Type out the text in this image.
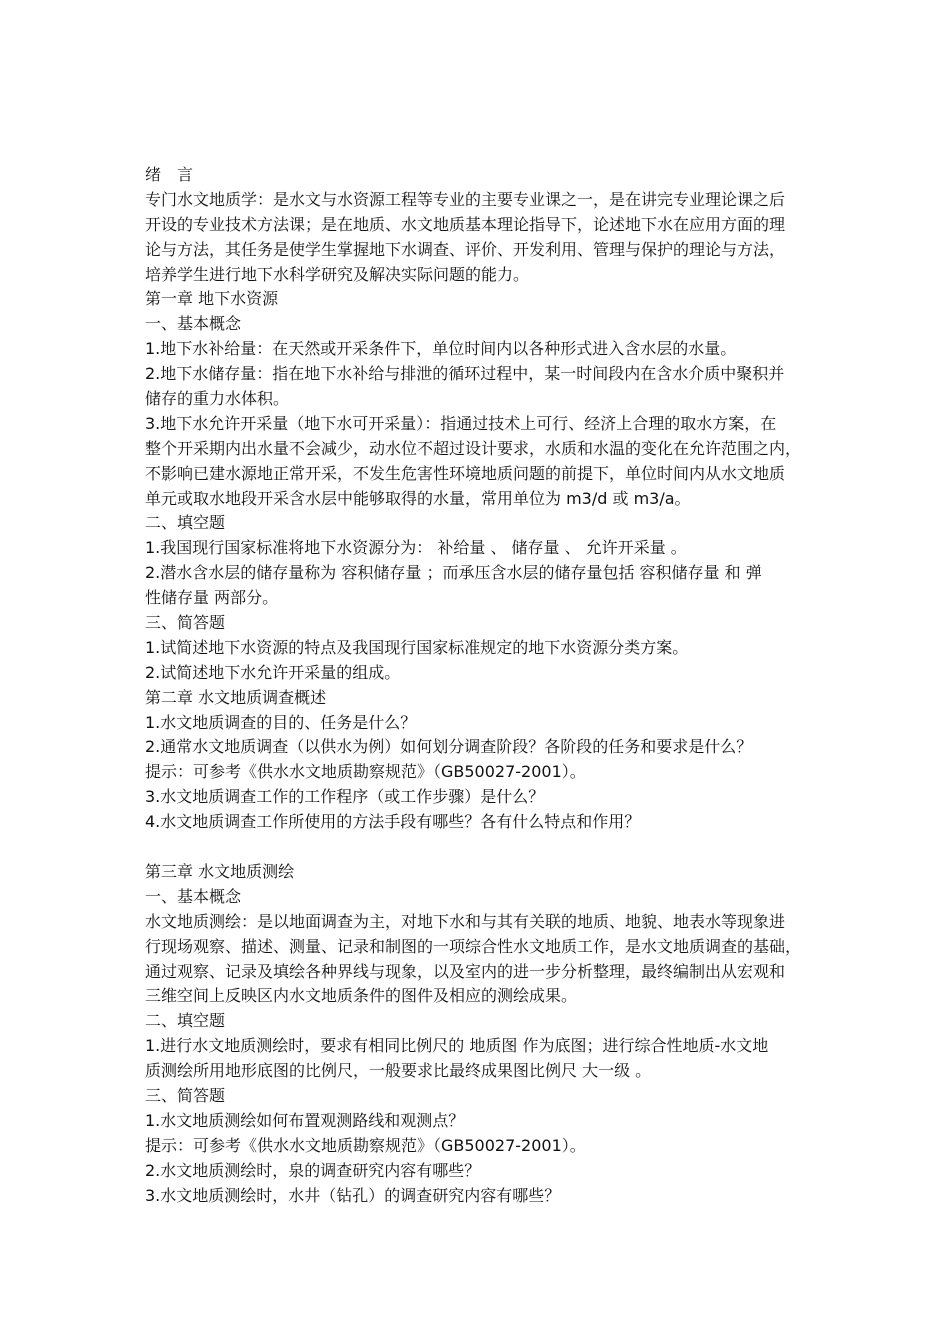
绪　言
专门水文地质学：是水文与水资源工程等专业的主要专业课之一，是在讲完专业理论课之后
开设的专业技术方法课；是在地质、水文地质基本理论指导下，论述地下水在应用方面的理
论与方法，其任务是使学生掌握地下水调查、评价、开发利用、管理与保护的理论与方法，
培养学生进行地下水科学研究及解决实际问题的能力。
第一章 地下水资源
一、基本概念
1.地下水补给量：在天然或开采条件下，单位时间内以各种形式进入含水层的水量。
2.地下水储存量：指在地下水补给与排泄的循环过程中，某一时间段内在含水介质中聚积并
储存的重力水体积。
3.地下水允许开采量（地下水可开采量）：指通过技术上可行、经济上合理的取水方案，在
整个开采期内出水量不会减少，动水位不超过设计要求，水质和水温的变化在允许范围之内，
不影响已建水源地正常开采，不发生危害性环境地质问题的前提下，单位时间内从水文地质
单元或取水地段开采含水层中能够取得的水量，常用单位为 m3/d 或 m3/a。
二、填空题
1.我国现行国家标准将地下水资源分为： 补给量 、 储存量 、 允许开采量 。
2.潜水含水层的储存量称为 容积储存量 ；而承压含水层的储存量包括 容积储存量 和 弹
性储存量 两部分。
三、简答题
1.试简述地下水资源的特点及我国现行国家标准规定的地下水资源分类方案。
2.试简述地下水允许开采量的组成。
第二章 水文地质调查概述
1.水文地质调查的目的、任务是什么？
2.通常水文地质调查（以供水为例）如何划分调查阶段？各阶段的任务和要求是什么？
提示：可参考《供水水文地质勘察规范》（GB50027-2001）。
3.水文地质调查工作的工作程序（或工作步骤）是什么？
4.水文地质调查工作所使用的方法手段有哪些？各有什么特点和作用？
第三章 水文地质测绘
一、基本概念
水文地质测绘：是以地面调查为主，对地下水和与其有关联的地质、地貌、地表水等现象进
行现场观察、描述、测量、记录和制图的一项综合性水文地质工作，是水文地质调查的基础，
通过观察、记录及填绘各种界线与现象，以及室内的进一步分析整理，最终编制出从宏观和
三维空间上反映区内水文地质条件的图件及相应的测绘成果。
二、填空题
1.进行水文地质测绘时，要求有相同比例尺的 地质图 作为底图；进行综合性地质-水文地
质测绘所用地形底图的比例尺，一般要求比最终成果图比例尺 大一级 。
三、简答题
1.水文地质测绘如何布置观测路线和观测点？
提示：可参考《供水水文地质勘察规范》（GB50027-2001）。
2.水文地质测绘时，泉的调查研究内容有哪些？
3.水文地质测绘时，水井（钻孔）的调查研究内容有哪些？
